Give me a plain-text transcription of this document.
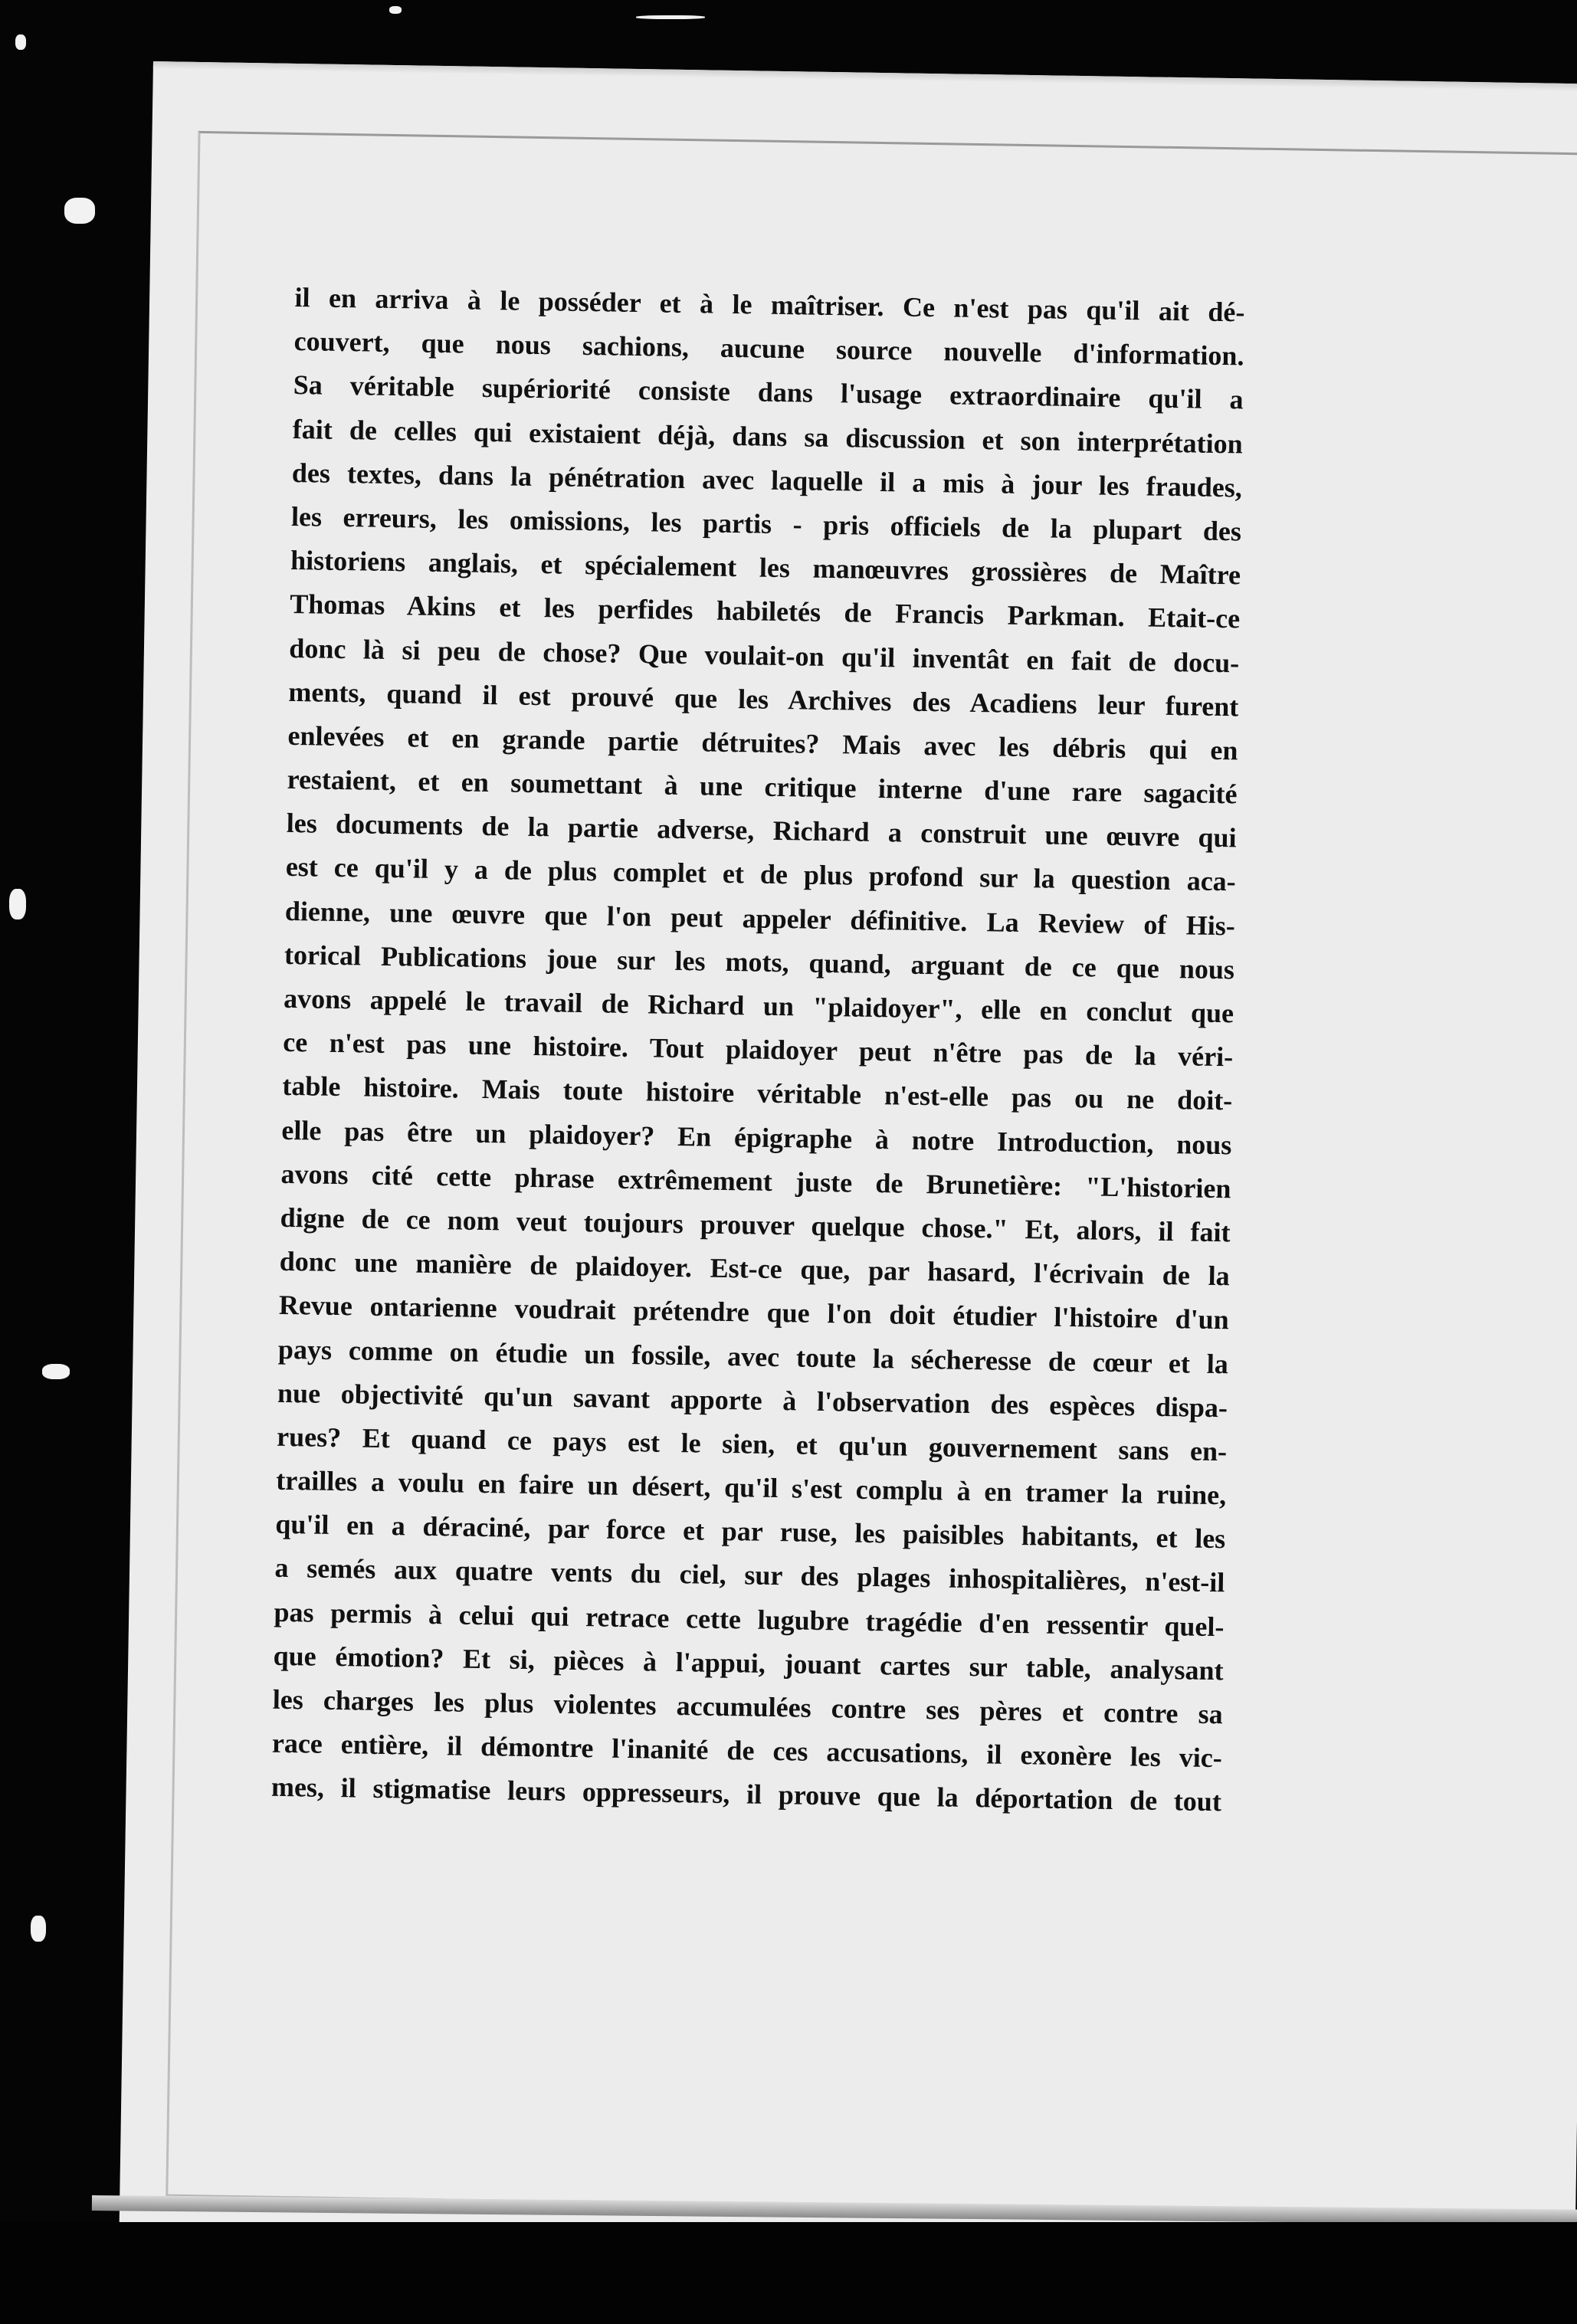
il en arriva à le posséder et à le maîtriser. Ce n'est pas qu'il ait dé-
couvert, que nous sachions, aucune source nouvelle d'information.
Sa véritable supériorité consiste dans l'usage extraordinaire qu'il a
fait de celles qui existaient déjà, dans sa discussion et son interprétation
des textes, dans la pénétration avec laquelle il a mis à jour les fraudes,
les erreurs, les omissions, les partis - pris officiels de la plupart des
historiens anglais, et spécialement les manœuvres grossières de Maître
Thomas Akins et les perfides habiletés de Francis Parkman. Etait-ce
donc là si peu de chose? Que voulait-on qu'il inventât en fait de docu-
ments, quand il est prouvé que les Archives des Acadiens leur furent
enlevées et en grande partie détruites? Mais avec les débris qui en
restaient, et en soumettant à une critique interne d'une rare sagacité
les documents de la partie adverse, Richard a construit une œuvre qui
est ce qu'il y a de plus complet et de plus profond sur la question aca-
dienne, une œuvre que l'on peut appeler définitive. La Review of His-
torical Publications joue sur les mots, quand, arguant de ce que nous
avons appelé le travail de Richard un "plaidoyer", elle en conclut que
ce n'est pas une histoire. Tout plaidoyer peut n'être pas de la véri-
table histoire. Mais toute histoire véritable n'est-elle pas ou ne doit-
elle pas être un plaidoyer? En épigraphe à notre Introduction, nous
avons cité cette phrase extrêmement juste de Brunetière: "L'historien
digne de ce nom veut toujours prouver quelque chose." Et, alors, il fait
donc une manière de plaidoyer. Est-ce que, par hasard, l'écrivain de la
Revue ontarienne voudrait prétendre que l'on doit étudier l'histoire d'un
pays comme on étudie un fossile, avec toute la sécheresse de cœur et la
nue objectivité qu'un savant apporte à l'observation des espèces dispa-
rues? Et quand ce pays est le sien, et qu'un gouvernement sans en-
trailles a voulu en faire un désert, qu'il s'est complu à en tramer la ruine,
qu'il en a déraciné, par force et par ruse, les paisibles habitants, et les
a semés aux quatre vents du ciel, sur des plages inhospitalières, n'est-il
pas permis à celui qui retrace cette lugubre tragédie d'en ressentir quel-
que émotion? Et si, pièces à l'appui, jouant cartes sur table, analysant
les charges les plus violentes accumulées contre ses pères et contre sa
race entière, il démontre l'inanité de ces accusations, il exonère les vic-
mes, il stigmatise leurs oppresseurs, il prouve que la déportation de tout
